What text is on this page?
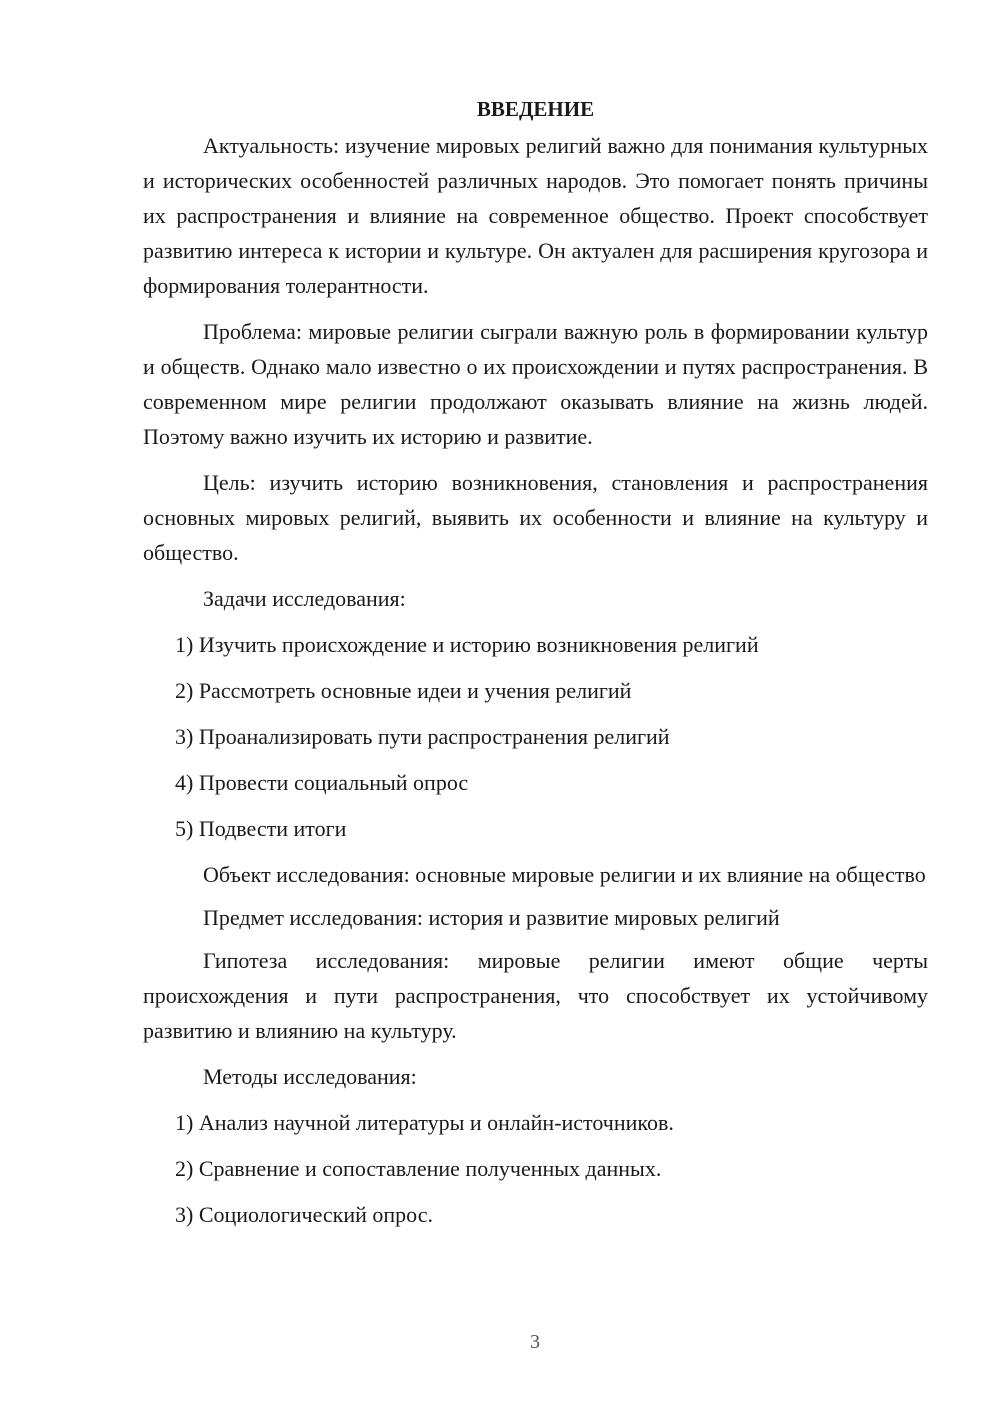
ВВЕДЕНИЕ

Актуальность: изучение мировых религий важно для понимания культурных и исторических особенностей различных народов. Это помогает понять причины их распространения и влияние на современное общество. Проект способствует развитию интереса к истории и культуре. Он актуален для расширения кругозора и формирования толерантности.

Проблема: мировые религии сыграли важную роль в формировании культур и обществ. Однако мало известно о их происхождении и путях распространения. В современном мире религии продолжают оказывать влияние на жизнь людей. Поэтому важно изучить их историю и развитие.

Цель: изучить историю возникновения, становления и распространения основных мировых религий, выявить их особенности и влияние на культуру и общество.

Задачи исследования:

1) Изучить происхождение и историю возникновения религий

2) Рассмотреть основные идеи и учения религий

3) Проанализировать пути распространения религий

4) Провести социальный опрос

5) Подвести итоги

Объект исследования: основные мировые религии и их влияние на общество

Предмет исследования: история и развитие мировых религий

Гипотеза исследования: мировые религии имеют общие черты происхождения и пути распространения, что способствует их устойчивому развитию и влиянию на культуру.

Методы исследования:

1) Анализ научной литературы и онлайн-источников.

2) Сравнение и сопоставление полученных данных.

3) Социологический опрос.

3
